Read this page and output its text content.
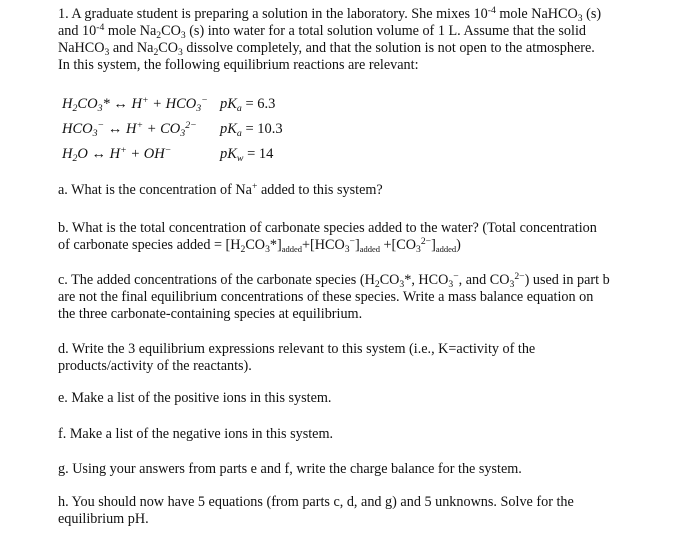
1. A graduate student is preparing a solution in the laboratory. She mixes $10^{-4}$ mole NaHCO$_3$ (s)
and $10^{-4}$ mole $Na_2CO_3$ (s) into water for a total solution volume of 1 L. Assume that the solid
NaHCO$_3$ and $Na_2CO_3$ dissolve completely, and that the solution is not open to the atmosphere.
In this system, the following equilibrium reactions are relevant:
$H_2CO_3*$ ↔ $H^+ + HCO_3^-$ $pK_a = 6.3$
$HCO_3^-$ ↔ $H^+ + CO_3^{2-}$ $pK_a = 10.3$
$H_2O$ ↔ H+ + OH−	$pK_w = 14$
a. What is the concentration of Na+ added to this system?
b. What is the total concentration of carbonate species added to the water? (Total concentration
of carbonate species added = $[H_2CO_3*]_{added}+[HCO_3^-]_{added} +[CO_3^{2-}]_{added}$)
c. The added concentrations of the carbonate species ($H_2CO_3*$, $HCO_3^-$, and $CO_3^{2-}$) used in part b
are not the final equilibrium concentrations of these species. Write a mass balance equation on
the three carbonate-containing species at equilibrium.
d. Write the 3 equilibrium expressions relevant to this system (i.e., K=activity of the
products/activity of the reactants).
e. Make a list of the positive ions in this system.
f. Make a list of the negative ions in this system.
g. Using your answers from parts e and f, write the charge balance for the system.
h. You should now have 5 equations (from parts c, d, and g) and 5 unknowns. Solve for the
equilibrium pH.
